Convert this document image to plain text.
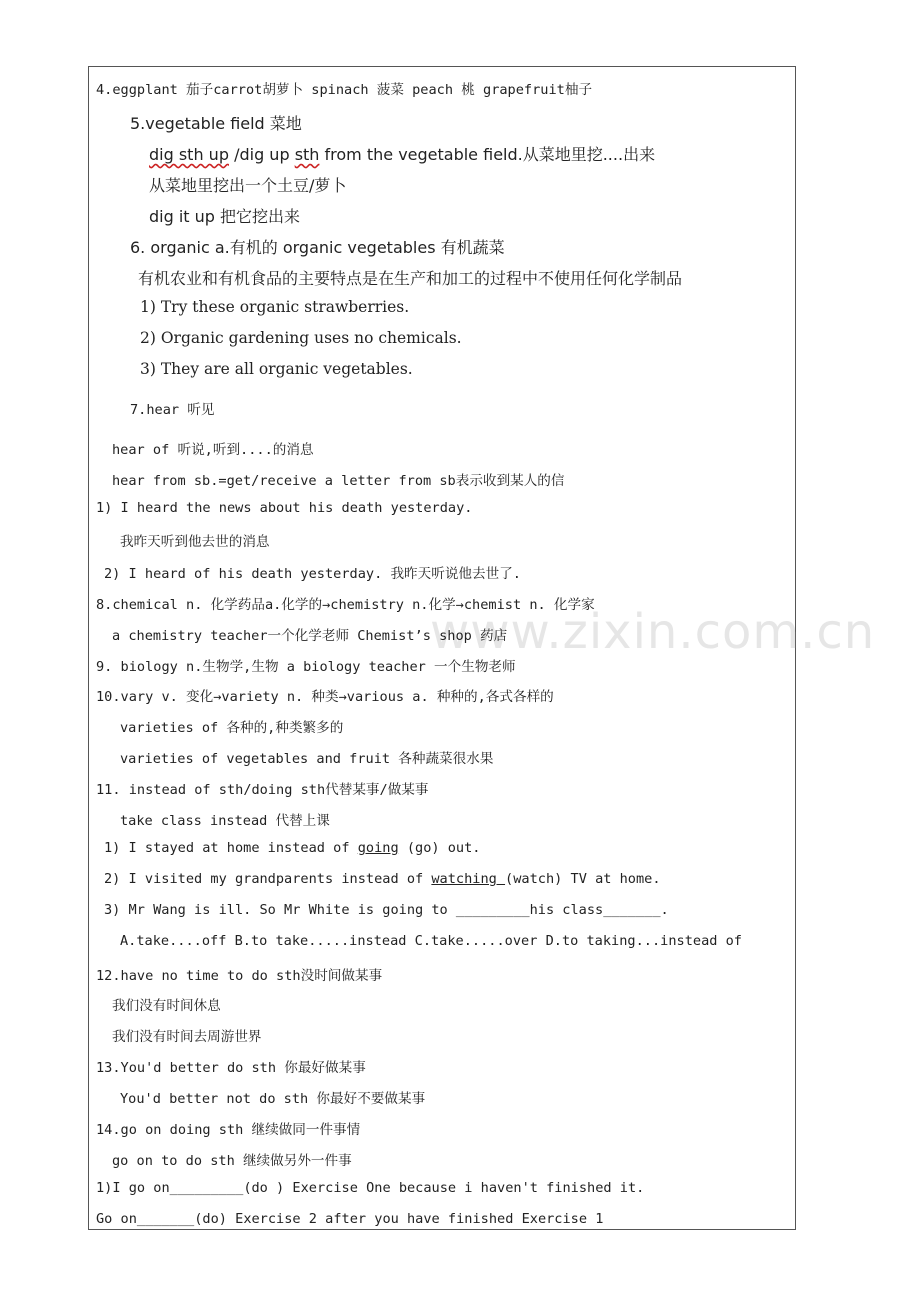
www.zixin.com.cn
4.eggplant 茄子carrot胡萝卜 spinach 菠菜 peach 桃 grapefruit柚子
5.vegetable field 菜地
dig sth up /dig up sth from the vegetable field.从菜地里挖....出来
从菜地里挖出一个土豆/萝卜
dig it up 把它挖出来
6. organic a.有机的 organic vegetables 有机蔬菜
有机农业和有机食品的主要特点是在生产和加工的过程中不使用任何化学制品
1) Try these organic strawberries.
2) Organic gardening uses no chemicals.
3) They are all organic vegetables.
7.hear 听见
hear of 听说,听到....的消息
hear from sb.=get/receive a letter from sb表示收到某人的信
1) I heard the news about his death yesterday.
我昨天听到他去世的消息
2) I heard of his death yesterday. 我昨天听说他去世了.
8.chemical n. 化学药品a.化学的→chemistry n.化学→chemist n. 化学家
a chemistry teacher一个化学老师 Chemist’s shop 药店
9. biology n.生物学,生物 a biology teacher 一个生物老师
10.vary v. 变化→variety n. 种类→various a. 种种的,各式各样的
varieties of 各种的,种类繁多的
varieties of vegetables and fruit 各种蔬菜很水果
11. instead of sth/doing sth代替某事/做某事
take class instead 代替上课
1) I stayed at home instead of going (go) out.
2) I visited my grandparents instead of watching (watch) TV at home.
3) Mr Wang is ill. So Mr White is going to _________his class_______.
A.take....off B.to take.....instead C.take.....over D.to taking...instead of
12.have no time to do sth没时间做某事
我们没有时间休息
我们没有时间去周游世界
13.You'd better do sth 你最好做某事
You'd better not do sth 你最好不要做某事
14.go on doing sth 继续做同一件事情
go on to do sth 继续做另外一件事
1)I go on_________(do ) Exercise One because i haven't finished it.
Go on_______(do) Exercise 2 after you have finished Exercise 1
